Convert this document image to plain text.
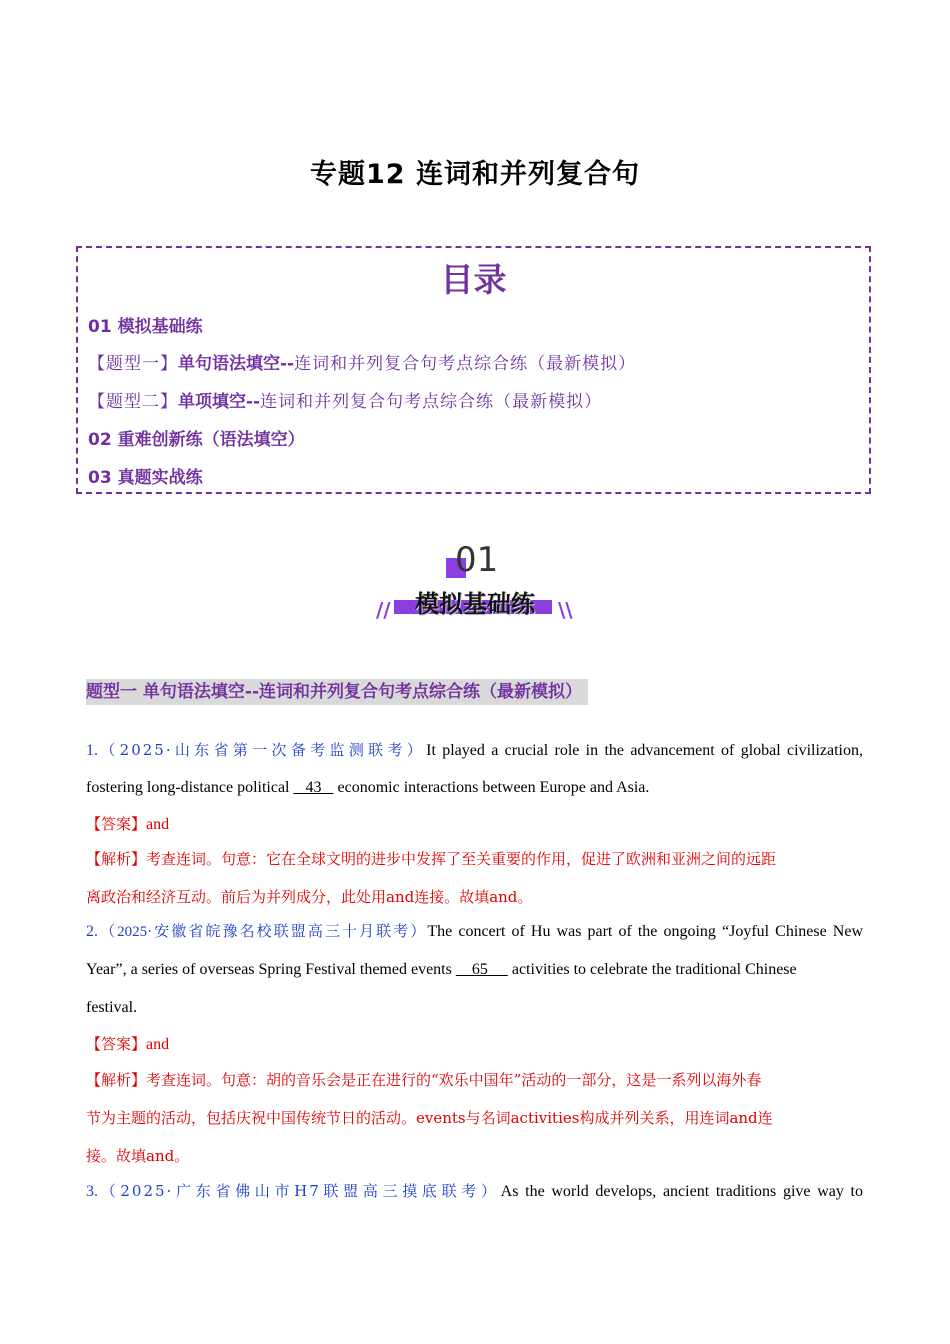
专题12 连词和并列复合句
目录
01 模拟基础练
【题型一】单句语法填空--连词和并列复合句考点综合练（最新模拟）
【题型二】单项填空--连词和并列复合句考点综合练（最新模拟）
02 重难创新练（语法填空）
03 真题实战练
01
//	\\
模拟基础练
题型一 单句语法填空--连词和并列复合句考点综合练（最新模拟）
1.（2025·山东省第一次备考监测联考）It played a crucial role in the advancement of global civilization,
fostering long-distance political    43    economic interactions between Europe and Asia.
【答案】and
【解析】考查连词。句意：它在全球文明的进步中发挥了至关重要的作用，促进了欧洲和亚洲之间的远距
离政治和经济互动。前后为并列成分，此处用and连接。故填and。
2.（2025·安徽省皖豫名校联盟高三十月联考）The concert of Hu was part of the ongoing “Joyful Chinese New
Year”, a series of overseas Spring Festival themed events     65      activities to celebrate the traditional Chinese
festival.
【答案】and
【解析】考查连词。句意：胡的音乐会是正在进行的“欢乐中国年”活动的一部分，这是一系列以海外春
节为主题的活动，包括庆祝中国传统节日的活动。events与名词activities构成并列关系，用连词and连
接。故填and。
3.（2025·广东省佛山市H7联盟高三摸底联考）As the world develops, ancient traditions give way to
